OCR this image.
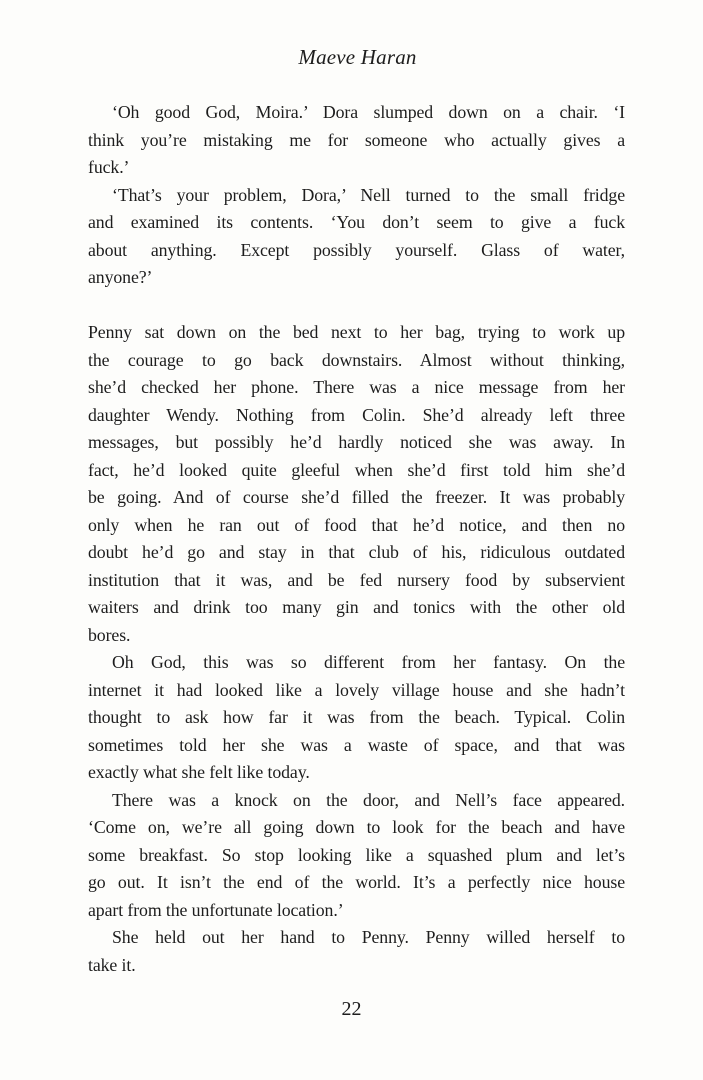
Maeve Haran

‘Oh good God, Moira.’ Dora slumped down on a chair. ‘I
think you’re mistaking me for someone who actually gives a
fuck.’

‘That’s your problem, Dora,’ Nell turned to the small fridge
and examined its contents. ‘You don’t seem to give a fuck
about anything. Except possibly yourself. Glass of water,
anyone?’

Penny sat down on the bed next to her bag, trying to work up
the courage to go back downstairs. Almost without thinking,
she’d checked her phone. There was a nice message from her
daughter Wendy. Nothing from Colin. She’d already left three
messages, but possibly he’d hardly noticed she was away. In
fact, he’d looked quite gleeful when she’d first told him she’d
be going. And of course she’d filled the freezer. It was probably
only when he ran out of food that he’d notice, and then no
doubt he’d go and stay in that club of his, ridiculous outdated
institution that it was, and be fed nursery food by subservient
waiters and drink too many gin and tonics with the other old
bores.

Oh God, this was so different from her fantasy. On the
internet it had looked like a lovely village house and she hadn’t
thought to ask how far it was from the beach. Typical. Colin
sometimes told her she was a waste of space, and that was
exactly what she felt like today.

There was a knock on the door, and Nell’s face appeared.
‘Come on, we’re all going down to look for the beach and have
some breakfast. So stop looking like a squashed plum and let’s
go out. It isn’t the end of the world. It’s a perfectly nice house
apart from the unfortunate location.’

She held out her hand to Penny. Penny willed herself to
take it.

22
